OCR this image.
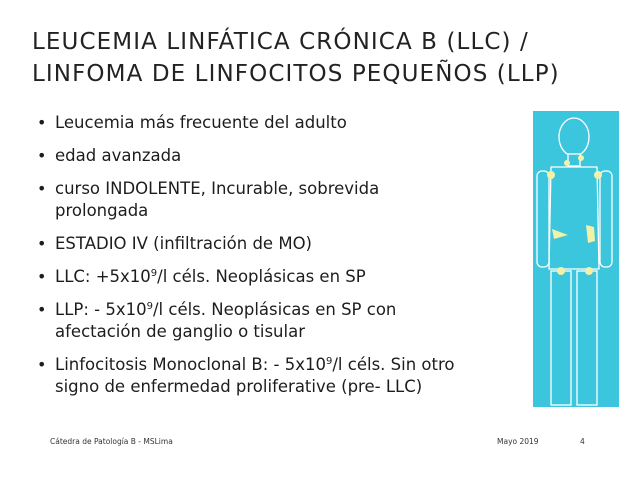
LEUCEMIA LINFÁTICA CRÓNICA B (LLC) /
LINFOMA DE LINFOCITOS PEQUEÑOS (LLP)
• Leucemia más frecuente del adulto
• edad avanzada
• curso INDOLENTE, Incurable, sobrevida
prolongada
• ESTADIO IV (infiltración de MO)
• LLC: $+5x10^9/l$ céls. Neoplásicas en SP
• LLP: - $5x10^9/l$ céls. Neoplásicas en SP con
afectación de ganglio o tisular
• Linfocitosis Monoclonal B: - $5x10^9/l$ céls. Sin otro
signo de enfermedad proliferative (pre- LLC)
Cátedra de Patología B - MSLima	Mayo 2019	4
